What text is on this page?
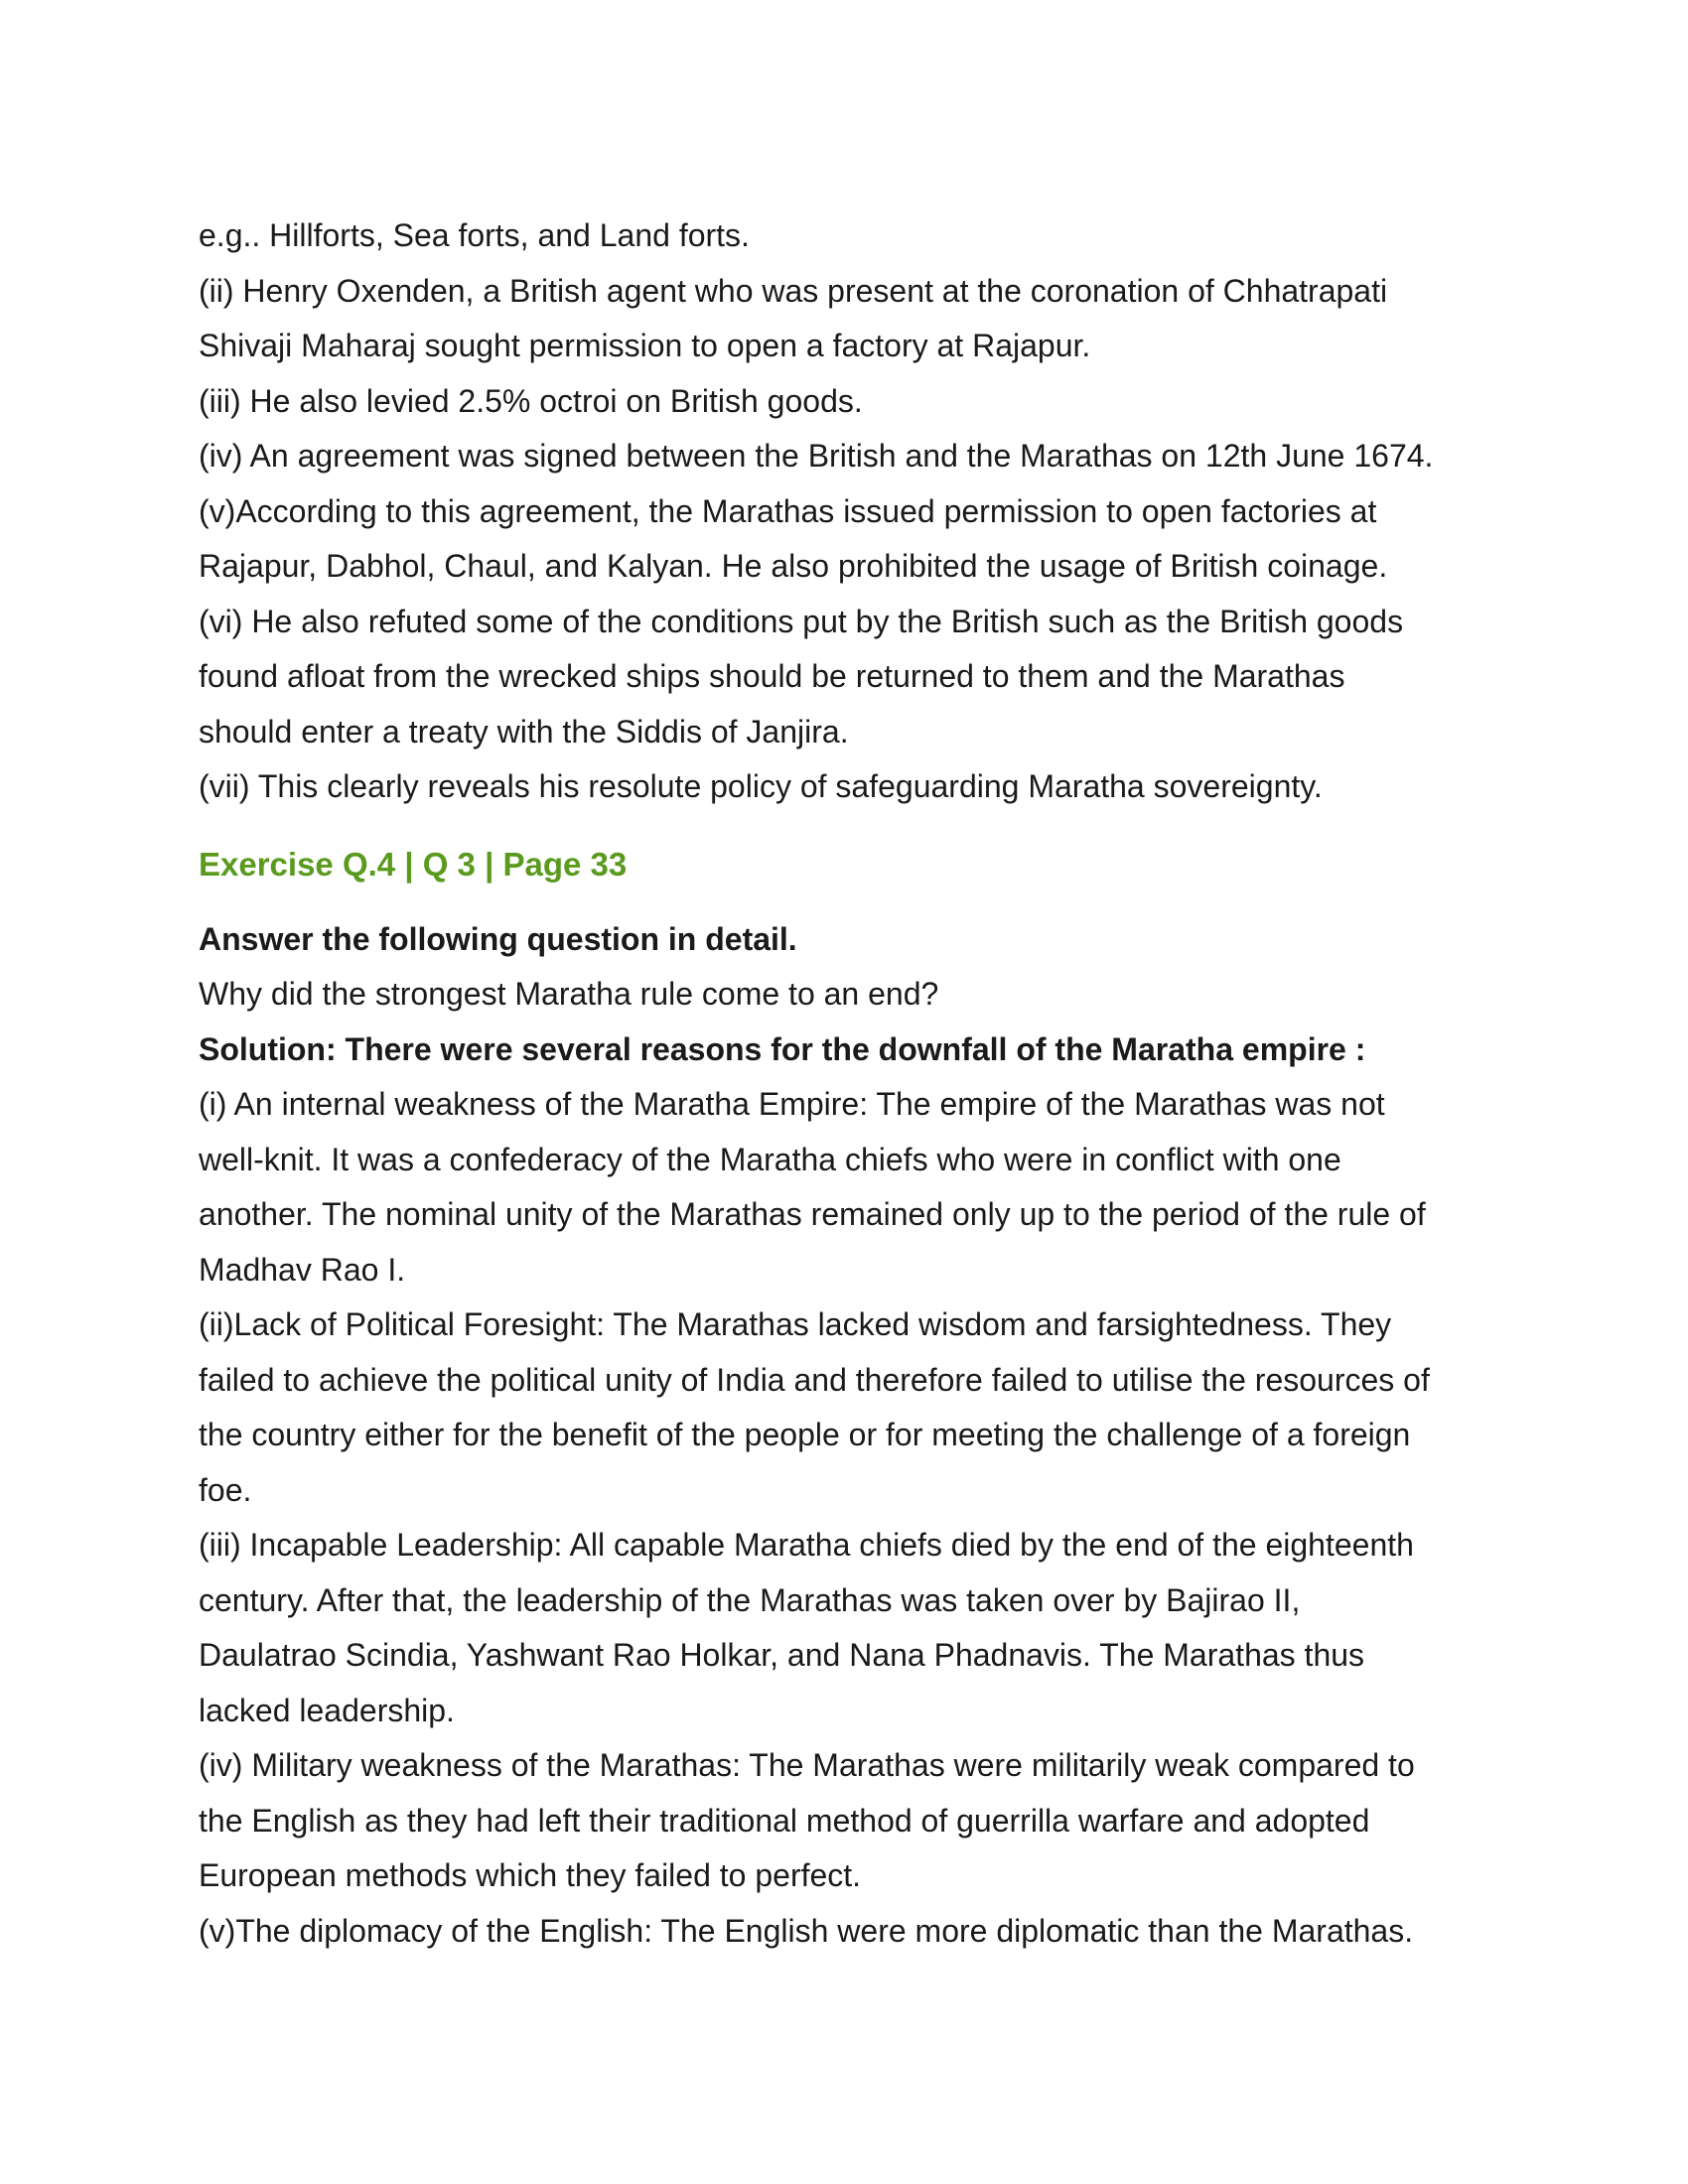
e.g.. Hillforts, Sea forts, and Land forts.

(ii) Henry Oxenden, a British agent who was present at the coronation of Chhatrapati

Shivaji Maharaj sought permission to open a factory at Rajapur.

(iii) He also levied 2.5% octroi on British goods.

(iv) An agreement was signed between the British and the Marathas on 12th June 1674.

(v)According to this agreement, the Marathas issued permission to open factories at

Rajapur, Dabhol, Chaul, and Kalyan. He also prohibited the usage of British coinage.

(vi) He also refuted some of the conditions put by the British such as the British goods

found afloat from the wrecked ships should be returned to them and the Marathas

should enter a treaty with the Siddis of Janjira.

(vii) This clearly reveals his resolute policy of safeguarding Maratha sovereignty.

Exercise Q.4 | Q 3 | Page 33

Answer the following question in detail.

Why did the strongest Maratha rule come to an end?

Solution: There were several reasons for the downfall of the Maratha empire :

(i) An internal weakness of the Maratha Empire: The empire of the Marathas was not

well-knit. It was a confederacy of the Maratha chiefs who were in conflict with one

another. The nominal unity of the Marathas remained only up to the period of the rule of

Madhav Rao I.

(ii)Lack of Political Foresight: The Marathas lacked wisdom and farsightedness. They

failed to achieve the political unity of India and therefore failed to utilise the resources of

the country either for the benefit of the people or for meeting the challenge of a foreign

foe.

(iii) Incapable Leadership: All capable Maratha chiefs died by the end of the eighteenth

century. After that, the leadership of the Marathas was taken over by Bajirao II,

Daulatrao Scindia, Yashwant Rao Holkar, and Nana Phadnavis. The Marathas thus

lacked leadership.

(iv) Military weakness of the Marathas: The Marathas were militarily weak compared to

the English as they had left their traditional method of guerrilla warfare and adopted

European methods which they failed to perfect.

(v)The diplomacy of the English: The English were more diplomatic than the Marathas.
